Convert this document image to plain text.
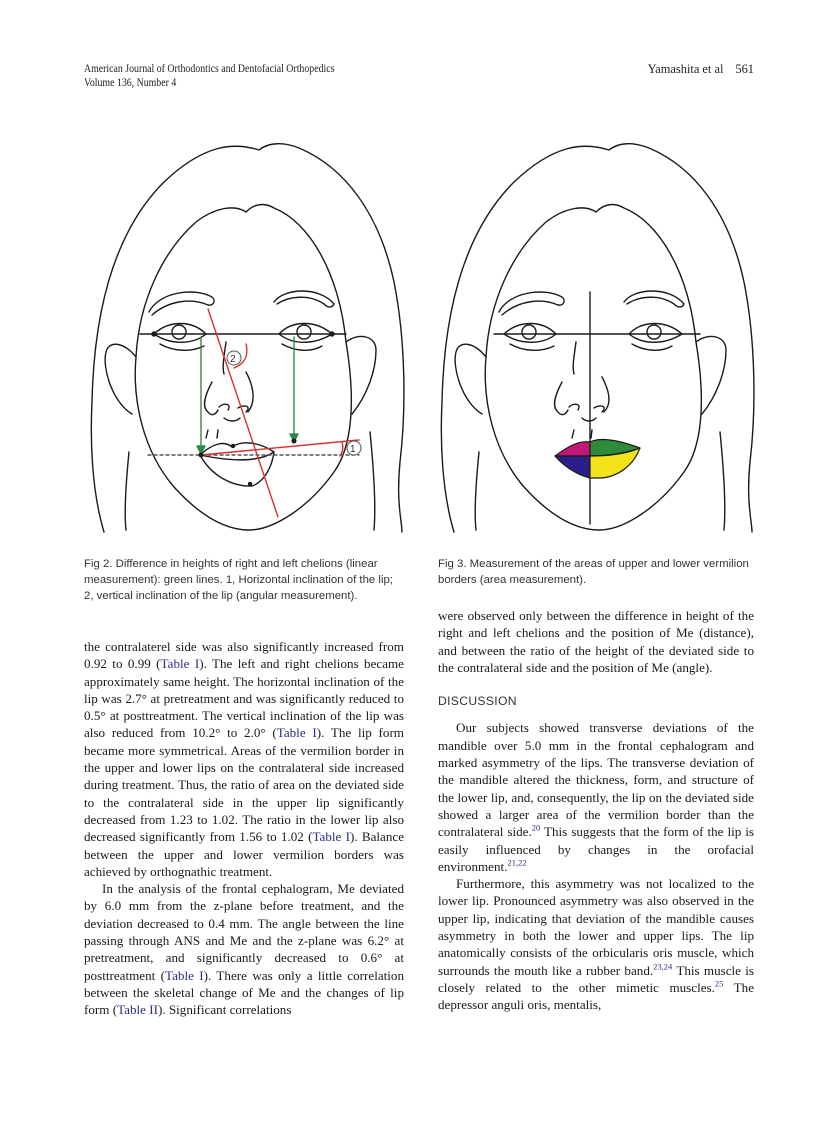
American Journal of Orthodontics and Dentofacial Orthopedics
Volume 136, Number 4
Yamashita et al 561
2
1
Fig 2. Difference in heights of right and left chelions (linear measurement): green lines. 1, Horizontal inclination of the lip; 2, vertical inclination of the lip (angular measurement).
Fig 3. Measurement of the areas of upper and lower vermilion borders (area measurement).

the contralaterel side was also significantly increased from 0.92 to 0.99 (Table I). The left and right chelions became approximately same height. The horizontal inclination of the lip was 2.7° at pretreatment and was significantly reduced to 0.5° at posttreatment. The vertical inclination of the lip was also reduced from 10.2° to 2.0° (Table I). The lip form became more symmetrical. Areas of the vermilion border in the upper and lower lips on the contralateral side increased during treatment. Thus, the ratio of area on the deviated side to the contralateral side in the upper lip significantly decreased from 1.23 to 1.02. The ratio in the lower lip also decreased significantly from 1.56 to 1.02 (Table I). Balance between the upper and lower vermilion borders was achieved by orthognathic treatment.

In the analysis of the frontal cephalogram, Me deviated by 6.0 mm from the z-plane before treatment, and the deviation decreased to 0.4 mm. The angle between the line passing through ANS and Me and the z-plane was 6.2° at pretreatment, and significantly decreased to 0.6° at posttreatment (Table I). There was only a little correlation between the skeletal change of Me and the changes of lip form (Table II). Significant correlations

were observed only between the difference in height of the right and left chelions and the position of Me (distance), and between the ratio of the height of the deviated side to the contralateral side and the position of Me (angle).

DISCUSSION

Our subjects showed transverse deviations of the mandible over 5.0 mm in the frontal cephalogram and marked asymmetry of the lips. The transverse deviation of the mandible altered the thickness, form, and structure of the lower lip, and, consequently, the lip on the deviated side showed a larger area of the vermilion border than the contralateral side.$^{20}$ This suggests that the form of the lip is easily influenced by changes in the orofacial environment.$^{21,22}$

Furthermore, this asymmetry was not localized to the lower lip. Pronounced asymmetry was also observed in the upper lip, indicating that deviation of the mandible causes asymmetry in both the lower and upper lips. The lip anatomically consists of the orbicularis oris muscle, which surrounds the mouth like a rubber band.$^{23,24}$ This muscle is closely related to the other mimetic muscles.$^{25}$ The depressor anguli oris, mentalis,
